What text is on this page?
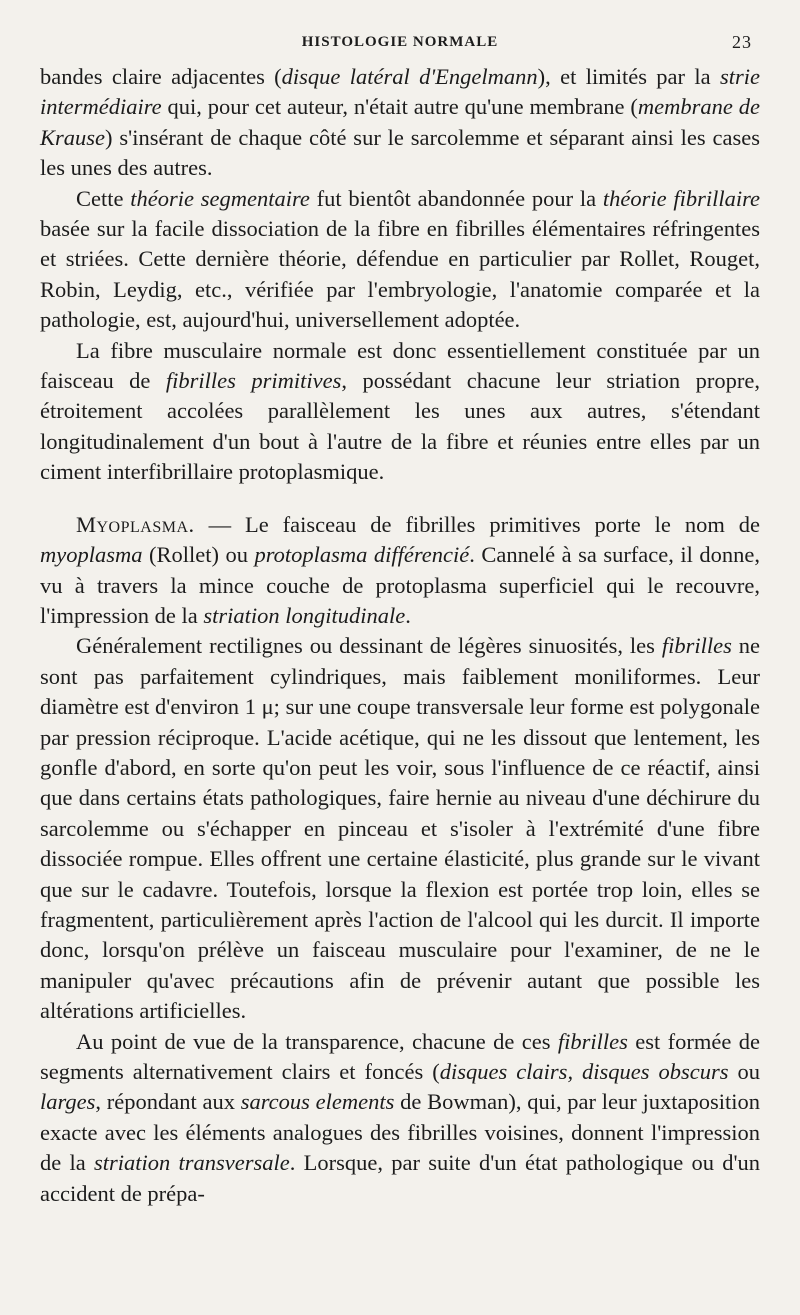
HISTOLOGIE NORMALE	23

bandes claire adjacentes (disque latéral d'Engelmann), et limités par la strie intermédiaire qui, pour cet auteur, n'était autre qu'une membrane (membrane de Krause) s'insérant de chaque côté sur le sarcolemme et séparant ainsi les cases les unes des autres.

Cette théorie segmentaire fut bientôt abandonnée pour la théorie fibrillaire basée sur la facile dissociation de la fibre en fibrilles élémentaires réfringentes et striées. Cette dernière théorie, défendue en particulier par Rollet, Rouget, Robin, Leydig, etc., vérifiée par l'embryologie, l'anatomie comparée et la pathologie, est, aujourd'hui, universellement adoptée.

La fibre musculaire normale est donc essentiellement constituée par un faisceau de fibrilles primitives, possédant chacune leur striation propre, étroitement accolées parallèlement les unes aux autres, s'étendant longitudinalement d'un bout à l'autre de la fibre et réunies entre elles par un ciment interfibrillaire protoplasmique.

Myoplasma. — Le faisceau de fibrilles primitives porte le nom de myoplasma (Rollet) ou protoplasma différencié. Cannelé à sa surface, il donne, vu à travers la mince couche de protoplasma superficiel qui le recouvre, l'impression de la striation longitudinale.

Généralement rectilignes ou dessinant de légères sinuosités, les fibrilles ne sont pas parfaitement cylindriques, mais faiblement moniliformes. Leur diamètre est d'environ 1 μ; sur une coupe transversale leur forme est polygonale par pression réciproque. L'acide acétique, qui ne les dissout que lentement, les gonfle d'abord, en sorte qu'on peut les voir, sous l'influence de ce réactif, ainsi que dans certains états pathologiques, faire hernie au niveau d'une déchirure du sarcolemme ou s'échapper en pinceau et s'isoler à l'extrémité d'une fibre dissociée rompue. Elles offrent une certaine élasticité, plus grande sur le vivant que sur le cadavre. Toutefois, lorsque la flexion est portée trop loin, elles se fragmentent, particulièrement après l'action de l'alcool qui les durcit. Il importe donc, lorsqu'on prélève un faisceau musculaire pour l'examiner, de ne le manipuler qu'avec précautions afin de prévenir autant que possible les altérations artificielles.

Au point de vue de la transparence, chacune de ces fibrilles est formée de segments alternativement clairs et foncés (disques clairs, disques obscurs ou larges, répondant aux sarcous elements de Bowman), qui, par leur juxtaposition exacte avec les éléments analogues des fibrilles voisines, donnent l'impression de la striation transversale. Lorsque, par suite d'un état pathologique ou d'un accident de prépa-
